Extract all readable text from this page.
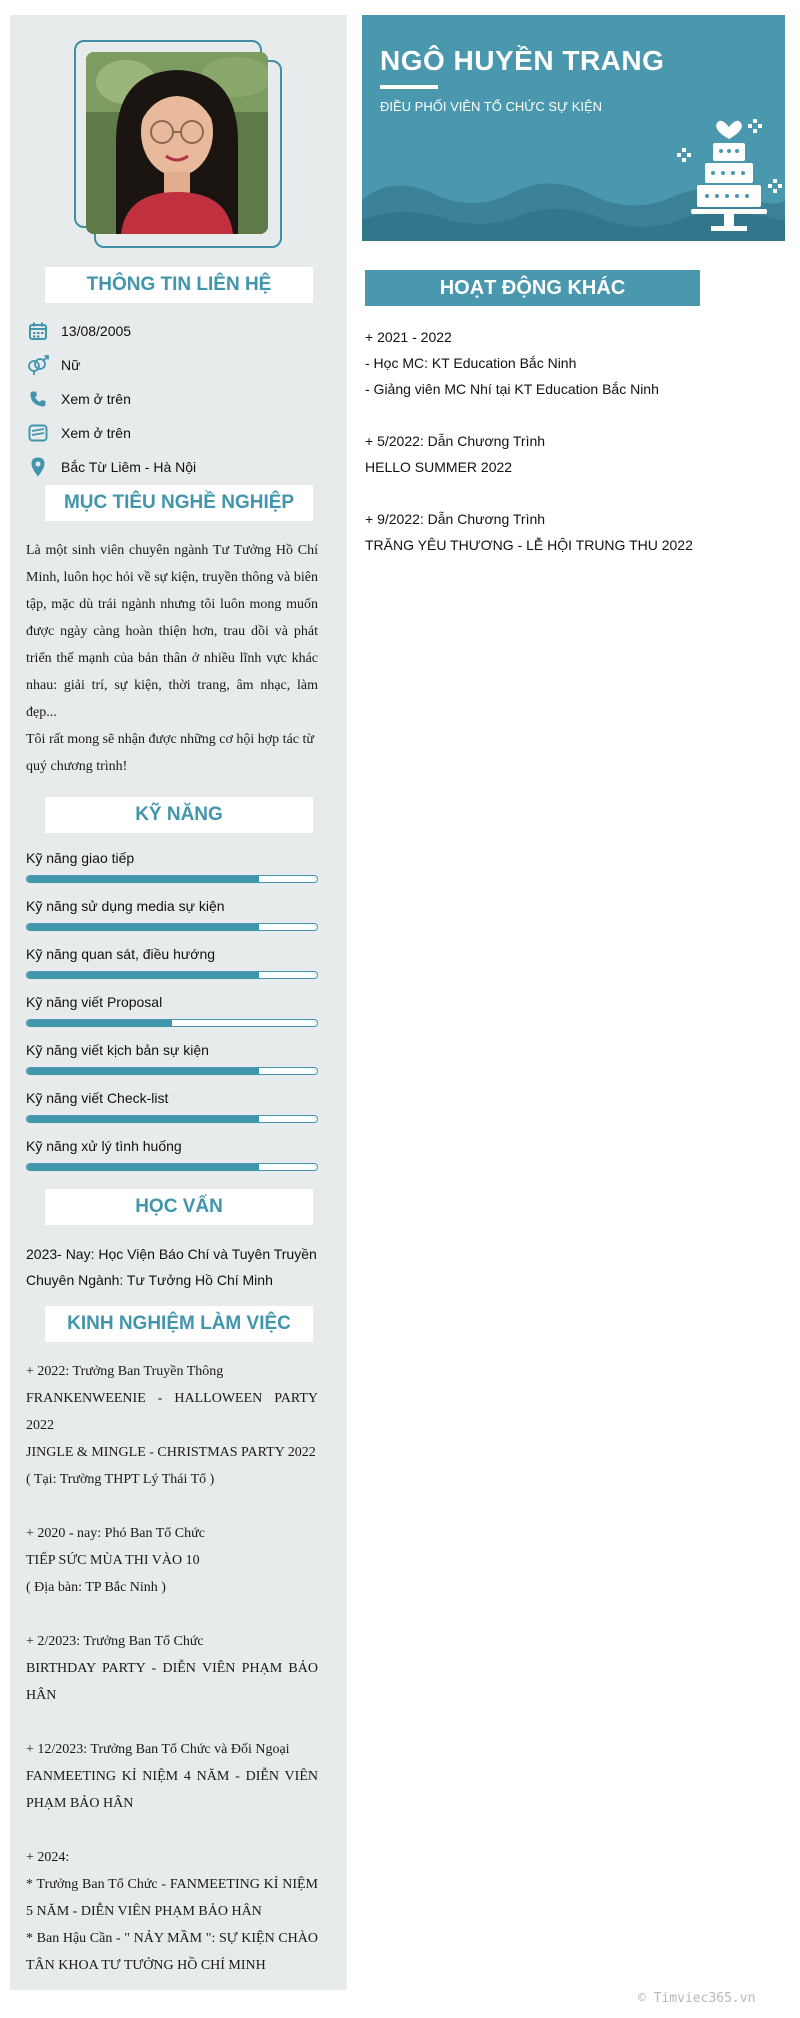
THÔNG TIN LIÊN HỆ
13/08/2005
Nữ
Xem ở trên
Xem ở trên
Bắc Từ Liêm - Hà Nội
MỤC TIÊU NGHỀ NGHIỆP

Là một sinh viên chuyên ngành Tư Tưởng Hồ Chí Minh, luôn học hỏi về sự kiện, truyền thông và biên tập, mặc dù trái ngành nhưng tôi luôn mong muốn được ngày càng hoàn thiện hơn, trau dồi và phát triển thế mạnh của bản thân ở nhiều lĩnh vực khác nhau: giải trí, sự kiện, thời trang, âm nhạc, làm đẹp...

Tôi rất mong sẽ nhận được những cơ hội hợp tác từ quý chương trình!

KỸ NĂNG
Kỹ năng giao tiếp
Kỹ năng sử dụng media sự kiện
Kỹ năng quan sát, điều hướng
Kỹ năng viết Proposal
Kỹ năng viết kịch bản sự kiện
Kỹ năng viết Check-list
Kỹ năng xử lý tình huống
HỌC VẤN
2023- Nay: Học Viện Báo Chí và Tuyên Truyền
Chuyên Ngành: Tư Tưởng Hồ Chí Minh
KINH NGHIỆM LÀM VIỆC

+ 2022: Trưởng Ban Truyền Thông

FRANKENWEENIE - HALLOWEEN PARTY 2022

JINGLE & MINGLE - CHRISTMAS PARTY 2022

( Tại: Trường THPT Lý Thái Tổ )

+ 2020 - nay: Phó Ban Tổ Chức

TIẾP SỨC MÙA THI VÀO 10

( Địa bàn: TP Bắc Ninh )

+ 2/2023: Trưởng Ban Tổ Chức

BIRTHDAY PARTY - DIỄN VIÊN PHẠM BẢO HÂN

+ 12/2023: Trưởng Ban Tổ Chức và Đối Ngoại

FANMEETING KỈ NIỆM 4 NĂM - DIỄN VIÊN PHẠM BẢO HÂN

+ 2024:

* Trưởng Ban Tổ Chức - FANMEETING KỈ NIỆM 5 NĂM - DIỄN VIÊN PHẠM BẢO HÂN

* Ban Hậu Cần - " NẢY MẦM ": SỰ KIỆN CHÀO TÂN KHOA TƯ TƯỞNG HỒ CHÍ MINH

NGÔ HUYỀN TRANG
ĐIỀU PHỐI VIÊN TỔ CHỨC SỰ KIỆN
HOẠT ĐỘNG KHÁC
+ 2021 - 2022
- Học MC: KT Education Bắc Ninh
- Giảng viên MC Nhí tại KT Education Bắc Ninh
+ 5/2022: Dẫn Chương Trình
HELLO SUMMER 2022
+ 9/2022: Dẫn Chương Trình
TRĂNG YÊU THƯƠNG - LỄ HỘI TRUNG THU 2022
© Timviec365.vn
